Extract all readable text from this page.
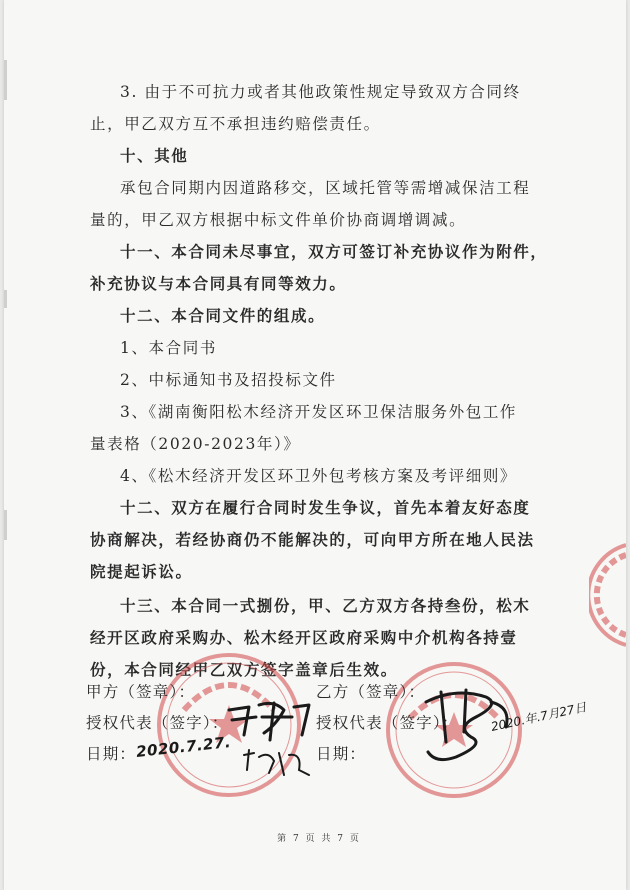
3. 由于不可抗力或者其他政策性规定导致双方合同终
止，甲乙双方互不承担违约赔偿责任。
十、其他
承包合同期内因道路移交，区域托管等需增减保洁工程
量的，甲乙双方根据中标文件单价协商调增调减。
十一、本合同未尽事宜，双方可签订补充协议作为附件，
补充协议与本合同具有同等效力。
十二、本合同文件的组成。
1、本合同书
2、中标通知书及招投标文件
3、《湖南衡阳松木经济开发区环卫保洁服务外包工作
量表格（2020-2023年）》
4、《松木经济开发区环卫外包考核方案及考评细则》
十二、双方在履行合同时发生争议，首先本着友好态度
协商解决，若经协商仍不能解决的，可向甲方所在地人民法
院提起诉讼。
十三、本合同一式捌份，甲、乙方双方各持叁份，松木
经开区政府采购办、松木经开区政府采购中介机构各持壹
份，本合同经甲乙双方签字盖章后生效。
甲方（签章）：
授权代表（签字）：
日期：
乙方（签章）：
授权代表（签字）：
日期：
2020.7.27.
2020.年.7月27日
第 7 页 共 7 页
